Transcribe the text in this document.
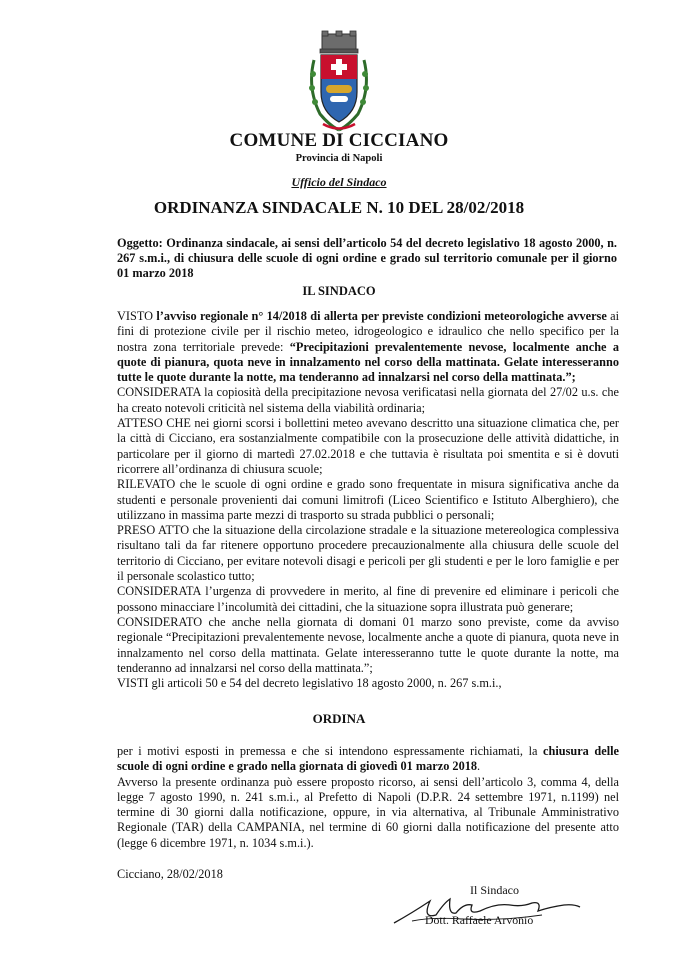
COMUNE DI CICCIANO
Provincia di Napoli
Ufficio del Sindaco
ORDINANZA SINDACALE N. 10 DEL 28/02/2018
Oggetto: Ordinanza sindacale, ai sensi dell’articolo 54 del decreto legislativo 18 agosto 2000, n. 267 s.m.i., di chiusura delle scuole di ogni ordine e grado sul territorio comunale per il giorno 01 marzo 2018
IL SINDACO

VISTO l’avviso regionale n° 14/2018 di allerta per previste condizioni meteorologiche avverse ai fini di protezione civile per il rischio meteo, idrogeologico e idraulico che nello specifico per la nostra zona territoriale prevede: “Precipitazioni prevalentemente nevose, localmente anche a quote di pianura, quota neve in innalzamento nel corso della mattinata. Gelate interesseranno tutte le quote durante la notte, ma tenderanno ad innalzarsi nel corso della mattinata.”;

CONSIDERATA la copiosità della precipitazione nevosa verificatasi nella giornata del 27/02 u.s. che ha creato notevoli criticità nel sistema della viabilità ordinaria;

ATTESO CHE nei giorni scorsi i bollettini meteo avevano descritto una situazione climatica che, per la città di Cicciano, era sostanzialmente compatibile con la prosecuzione delle attività didattiche, in particolare per il giorno di martedì 27.02.2018 e che tuttavia è risultata poi smentita e si è dovuti ricorrere all’ordinanza di chiusura scuole;

RILEVATO che le scuole di ogni ordine e grado sono frequentate in misura significativa anche da studenti e personale provenienti dai comuni limitrofi (Liceo Scientifico e Istituto Alberghiero), che utilizzano in massima parte mezzi di trasporto su strada pubblici o personali;

PRESO ATTO che la situazione della circolazione stradale e la situazione metereologica complessiva risultano tali da far ritenere opportuno procedere precauzionalmente alla chiusura delle scuole del territorio di Cicciano, per evitare notevoli disagi e pericoli per gli studenti e per le loro famiglie e per il personale scolastico tutto;

CONSIDERATA l’urgenza di provvedere in merito, al fine di prevenire ed eliminare i pericoli che possono minacciare l’incolumità dei cittadini, che la situazione sopra illustrata può generare;

CONSIDERATO che anche nella giornata di domani 01 marzo sono previste, come da avviso regionale “Precipitazioni prevalentemente nevose, localmente anche a quote di pianura, quota neve in innalzamento nel corso della mattinata. Gelate interesseranno tutte le quote durante la notte, ma tenderanno ad innalzarsi nel corso della mattinata.”;

VISTI gli articoli 50 e 54 del decreto legislativo 18 agosto 2000, n. 267 s.m.i.,

ORDINA

per i motivi esposti in premessa e che si intendono espressamente richiamati, la chiusura delle scuole di ogni ordine e grado nella giornata di giovedì 01 marzo 2018.

Avverso la presente ordinanza può essere proposto ricorso, ai sensi dell’articolo 3, comma 4, della legge 7 agosto 1990, n. 241 s.m.i., al Prefetto di Napoli (D.P.R. 24 settembre 1971, n.1199) nel termine di 30 giorni dalla notificazione, oppure, in via alternativa, al Tribunale Amministrativo Regionale (TAR) della CAMPANIA, nel termine di 60 giorni dalla notificazione del presente atto (legge 6 dicembre 1971, n. 1034 s.m.i.).

Cicciano, 28/02/2018
Il Sindaco
Dott. Raffaele Arvonio
